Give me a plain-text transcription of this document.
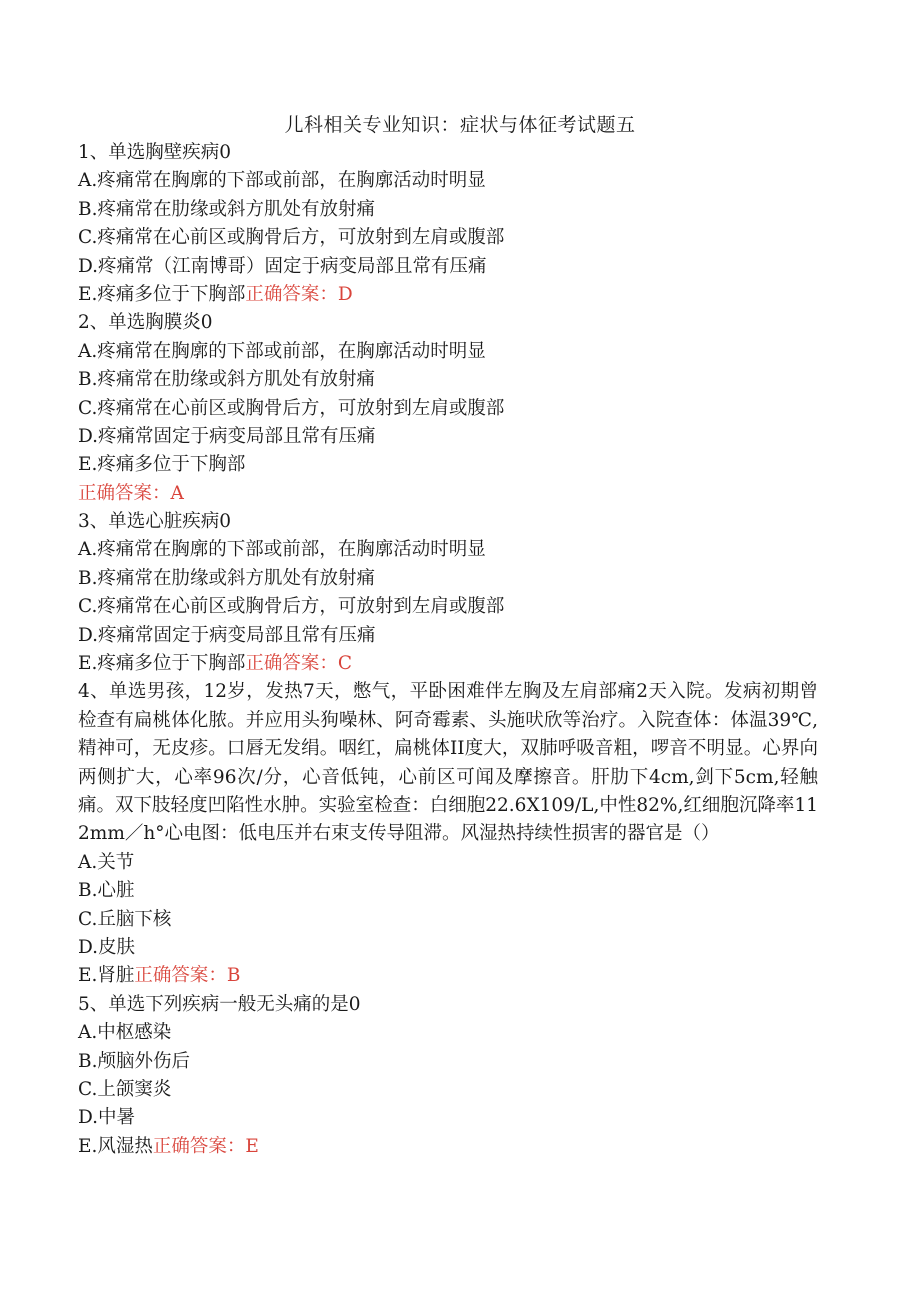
儿科相关专业知识：症状与体征考试题五
1、单选胸壁疾病0
A.疼痛常在胸廓的下部或前部，在胸廓活动时明显
B.疼痛常在肋缘或斜方肌处有放射痛
C.疼痛常在心前区或胸骨后方，可放射到左肩或腹部
D.疼痛常（江南博哥）固定于病变局部且常有压痛
E.疼痛多位于下胸部正确答案：D
2、单选胸膜炎0
A.疼痛常在胸廓的下部或前部，在胸廓活动时明显
B.疼痛常在肋缘或斜方肌处有放射痛
C.疼痛常在心前区或胸骨后方，可放射到左肩或腹部
D.疼痛常固定于病变局部且常有压痛
E.疼痛多位于下胸部
正确答案：A
3、单选心脏疾病0
A.疼痛常在胸廓的下部或前部，在胸廓活动时明显
B.疼痛常在肋缘或斜方肌处有放射痛
C.疼痛常在心前区或胸骨后方，可放射到左肩或腹部
D.疼痛常固定于病变局部且常有压痛
E.疼痛多位于下胸部正确答案：C
4、单选男孩，12岁，发热7天，憋气，平卧困难伴左胸及左肩部痛2天入院。发病初期曾检查有扁桃体化脓。并应用头狗噪林、阿奇霉素、头施吠欣等治疗。入院查体：体温39℃,精神可，无皮疹。口唇无发绢。咽红，扁桃体II度大，双肺呼吸音粗，啰音不明显。心界向两侧扩大，心率96次/分，心音低钝，心前区可闻及摩擦音。肝肋下4cm,剑下5cm,轻触痛。双下肢轻度凹陷性水肿。实验室检查：白细胞22.6X109/L,中性82%,红细胞沉降率112mm／h°心电图：低电压并右束支传导阻滞。风湿热持续性损害的器官是（）
A.关节
B.心脏
C.丘脑下核
D.皮肤
E.肾脏正确答案：B
5、单选下列疾病一般无头痛的是0
A.中枢感染
B.颅脑外伤后
C.上颌窦炎
D.中暑
E.风湿热正确答案：E
